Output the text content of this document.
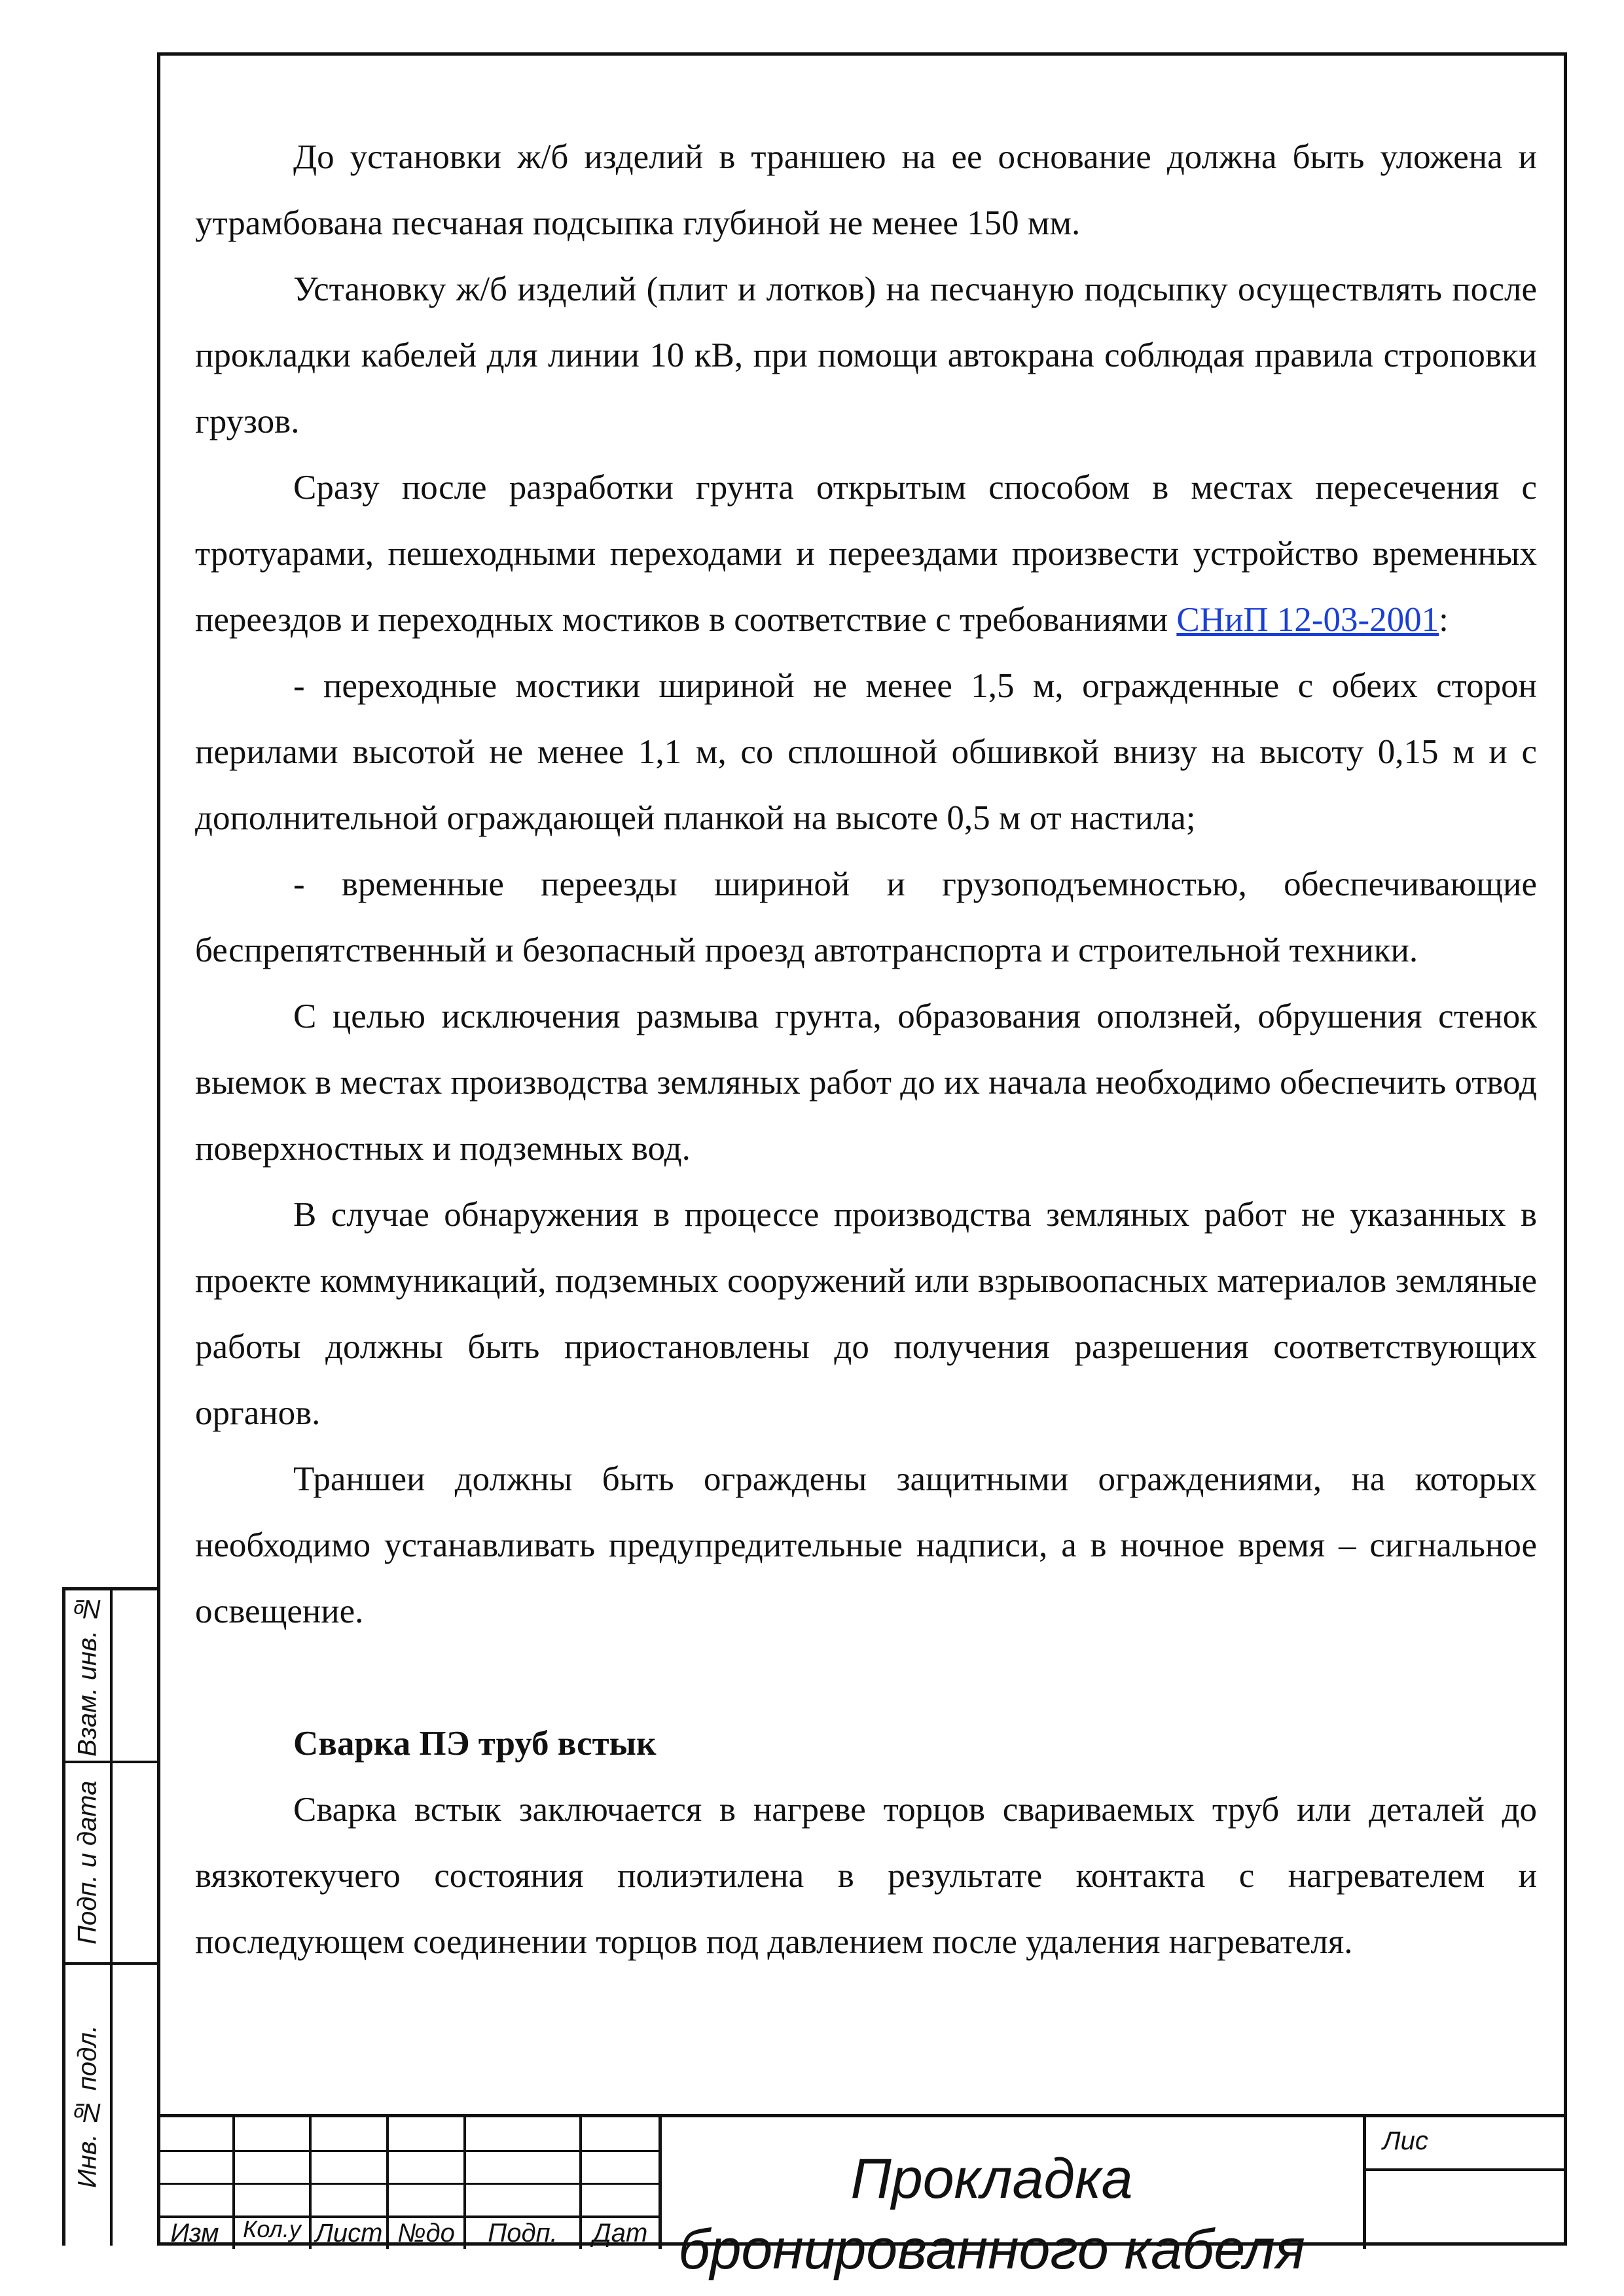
До установки ж/б изделий в траншею на ее основание должна быть уложена и утрамбована песчаная подсыпка глубиной не менее 150 мм.

Установку ж/б изделий (плит и лотков) на песчаную подсыпку осуществлять после прокладки кабелей для линии 10 кВ, при помощи автокрана соблюдая правила строповки грузов.

Сразу после разработки грунта открытым способом в местах пересечения с тротуарами, пешеходными переходами и переездами произвести устройство временных переездов и переходных мостиков в соответствие с требованиями СНиП 12-03-2001:

- переходные мостики шириной не менее 1,5 м, огражденные с обеих сторон перилами высотой не менее 1,1 м, со сплошной обшивкой внизу на высоту 0,15 м и с дополнительной ограждающей планкой на высоте 0,5 м от настила;

- временные переезды шириной и грузоподъемностью, обеспечивающие беспрепятственный и безопасный проезд автотранспорта и строительной техники.

С целью исключения размыва грунта, образования оползней, обрушения стенок выемок в местах производства земляных работ до их начала необходимо обеспечить отвод поверхностных и подземных вод.

В случае обнаружения в процессе производства земляных работ не указанных в проекте коммуникаций, подземных сооружений или взрывоопасных материалов земляные работы должны быть приостановлены до получения разрешения соответствующих органов.

Траншеи должны быть ограждены защитными ограждениями, на которых необходимо устанавливать предупредительные надписи, а в ночное время – сигнальное освещение.

Сварка ПЭ труб встык

Сварка встык заключается в нагреве торцов свариваемых труб или деталей до вязкотекучего состояния полиэтилена в результате контакта с нагревателем и последующем соединении торцов под давлением после удаления нагревателя.

Взам. инв. №
Подп. и дата
Инв. № подл.
Изм	Кол.у Лист №до	Подп.	Дат
Прокладка бронированного кабеля
Лис
